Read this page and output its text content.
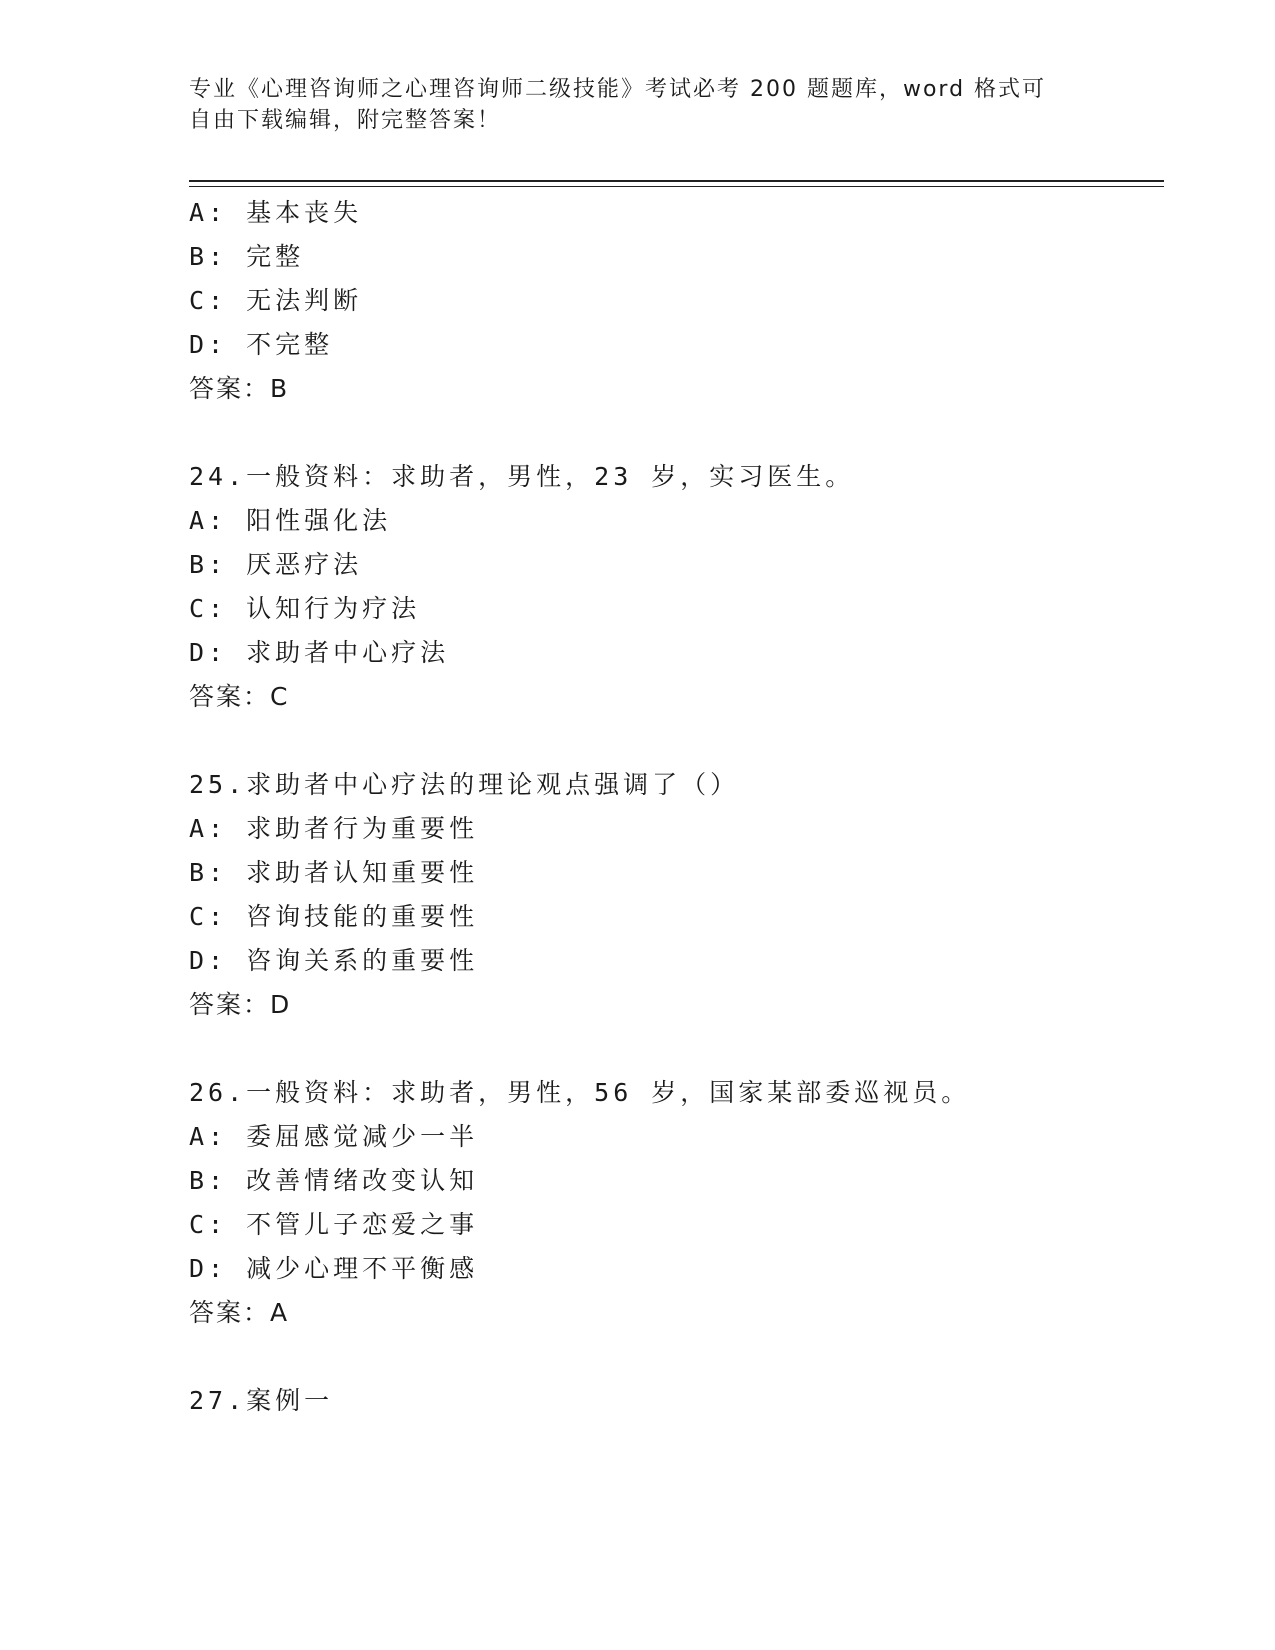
专业《心理咨询师之心理咨询师二级技能》考试必考 200 题题库，word 格式可自由下载编辑，附完整答案！
A: 基本丧失
B: 完整
C: 无法判断
D: 不完整
答案：B
24.一般资料：求助者，男性，23 岁，实习医生。
A: 阳性强化法
B: 厌恶疗法
C: 认知行为疗法
D: 求助者中心疗法
答案：C
25.求助者中心疗法的理论观点强调了（）
A: 求助者行为重要性
B: 求助者认知重要性
C: 咨询技能的重要性
D: 咨询关系的重要性
答案：D
26.一般资料：求助者，男性，56 岁，国家某部委巡视员。
A: 委屈感觉减少一半
B: 改善情绪改变认知
C: 不管儿子恋爱之事
D: 减少心理不平衡感
答案：A
27.案例一
